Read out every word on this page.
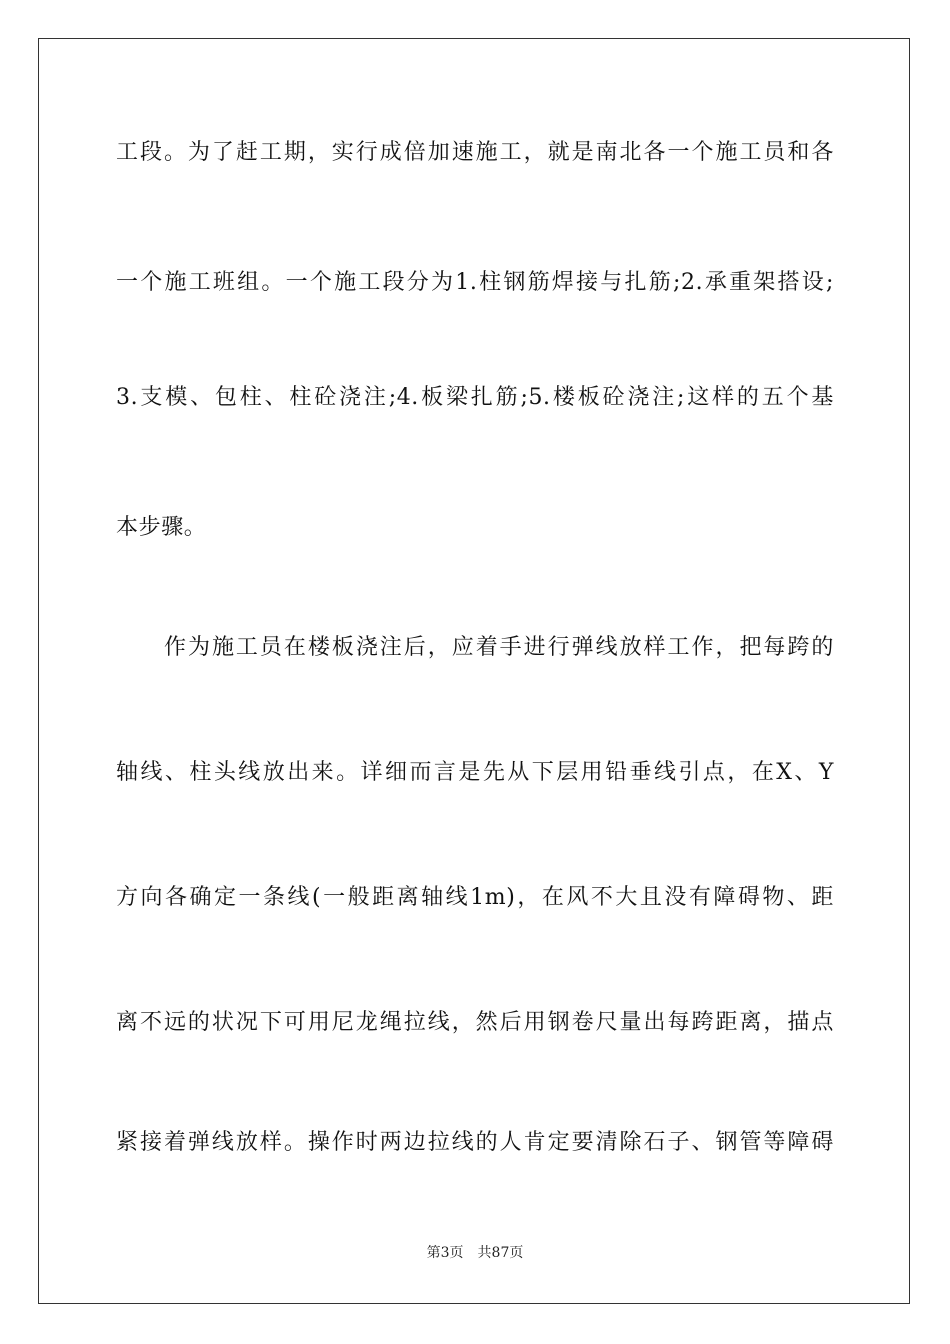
工段。为了赶工期，实行成倍加速施工，就是南北各一个施工员和各
一个施工班组。一个施工段分为1.柱钢筋焊接与扎筋;2.承重架搭设;
3.支模、包柱、柱砼浇注;4.板梁扎筋;5.楼板砼浇注;这样的五个基
本步骤。
作为施工员在楼板浇注后，应着手进行弹线放样工作，把每跨的
轴线、柱头线放出来。详细而言是先从下层用铅垂线引点，在X、Y
方向各确定一条线(一般距离轴线1m)，在风不大且没有障碍物、距
离不远的状况下可用尼龙绳拉线，然后用钢卷尺量出每跨距离，描点
紧接着弹线放样。操作时两边拉线的人肯定要清除石子、钢管等障碍
第3页 共87页
